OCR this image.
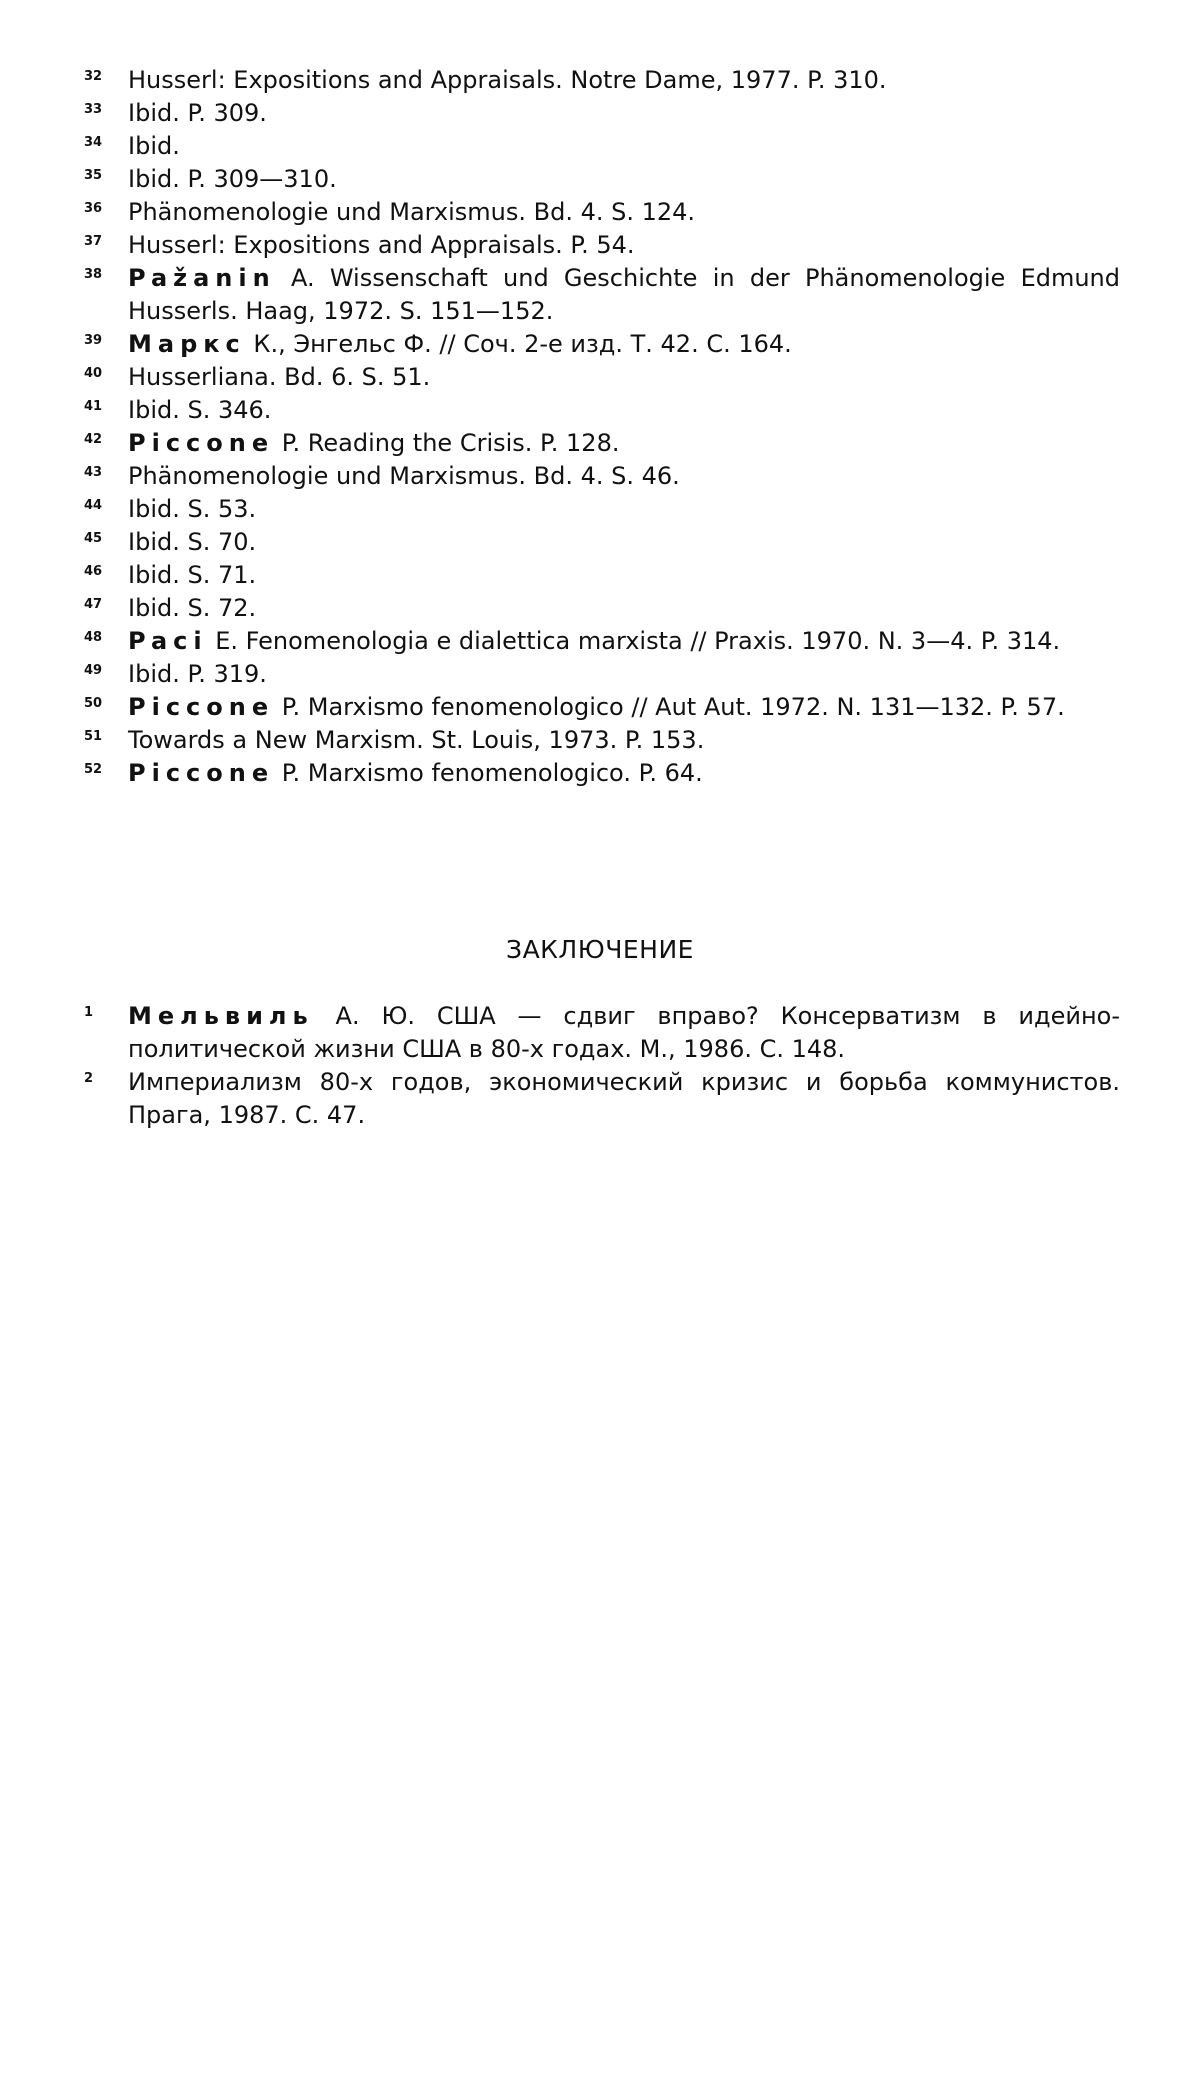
32	Husserl: Expositions and Appraisals. Notre Dame, 1977. P. 310.
33	Ibid. P. 309.
34	Ibid.
35	Ibid. P. 309—310.
36	Phänomenologie und Marxismus. Bd. 4. S. 124.
37	Husserl: Expositions and Appraisals. P. 54.
38	Pažanin A. Wissenschaft und Geschichte in der Phänomenologie Edmund Husserls. Haag, 1972. S. 151—152.
39	Маркс К., Энгельс Ф. // Соч. 2-е изд. Т. 42. С. 164.
40	Husserliana. Bd. 6. S. 51.
41	Ibid. S. 346.
42	Piccone P. Reading the Crisis. P. 128.
43	Phänomenologie und Marxismus. Bd. 4. S. 46.
44	Ibid. S. 53.
45	Ibid. S. 70.
46	Ibid. S. 71.
47	Ibid. S. 72.
48	Paci E. Fenomenologia e dialettica marxista // Praxis. 1970. N. 3—4. P. 314.
49	Ibid. P. 319.
50	Piccone P. Marxismo fenomenologico // Aut Aut. 1972. N. 131—132. P. 57.
51	Towards a New Marxism. St. Louis, 1973. P. 153.
52	Piccone P. Marxismo fenomenologico. P. 64.
ЗАКЛЮЧЕНИЕ
1	Мельвиль А. Ю. США — сдвиг вправо? Консерватизм в идейно-политической жизни США в 80-х годах. М., 1986. С. 148.
2	Империализм 80-х годов, экономический кризис и борьба коммунистов. Прага, 1987. С. 47.
